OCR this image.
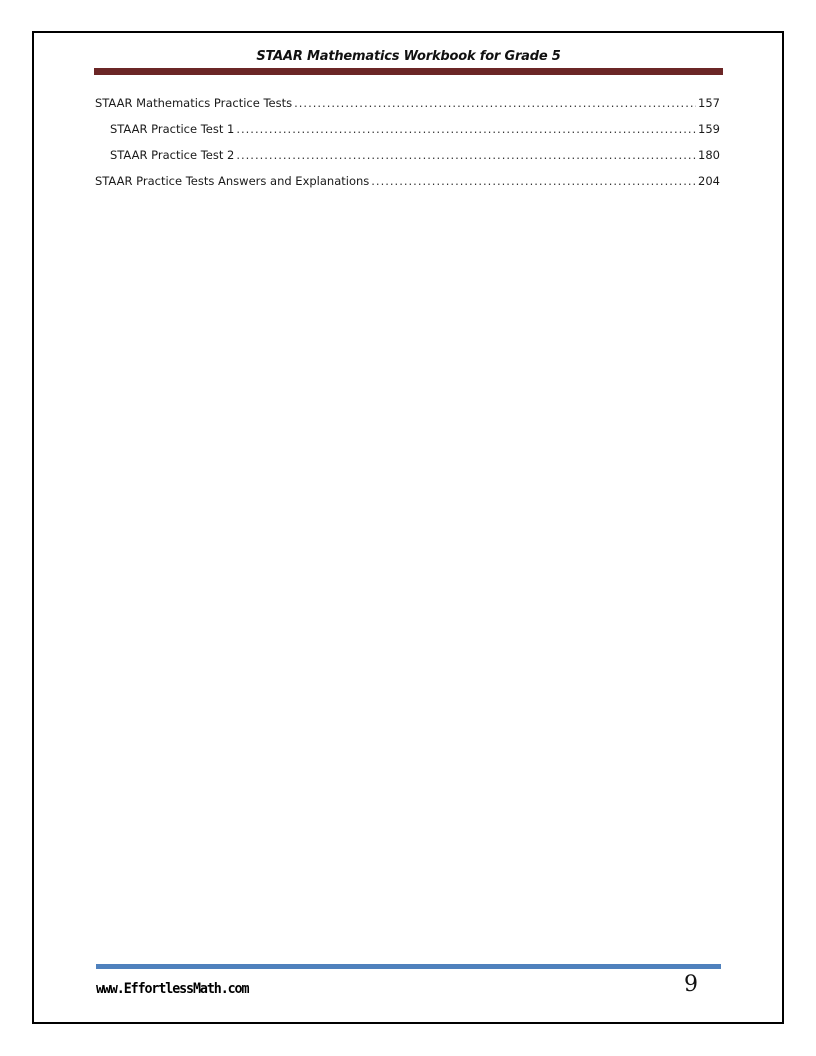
STAAR Mathematics Workbook for Grade 5
STAAR Mathematics Practice Tests .....	157
STAAR Practice Test 1 .....	159
STAAR Practice Test 2 .....	180
STAAR Practice Tests Answers and Explanations .....	204
www.EffortlessMath.com	9
